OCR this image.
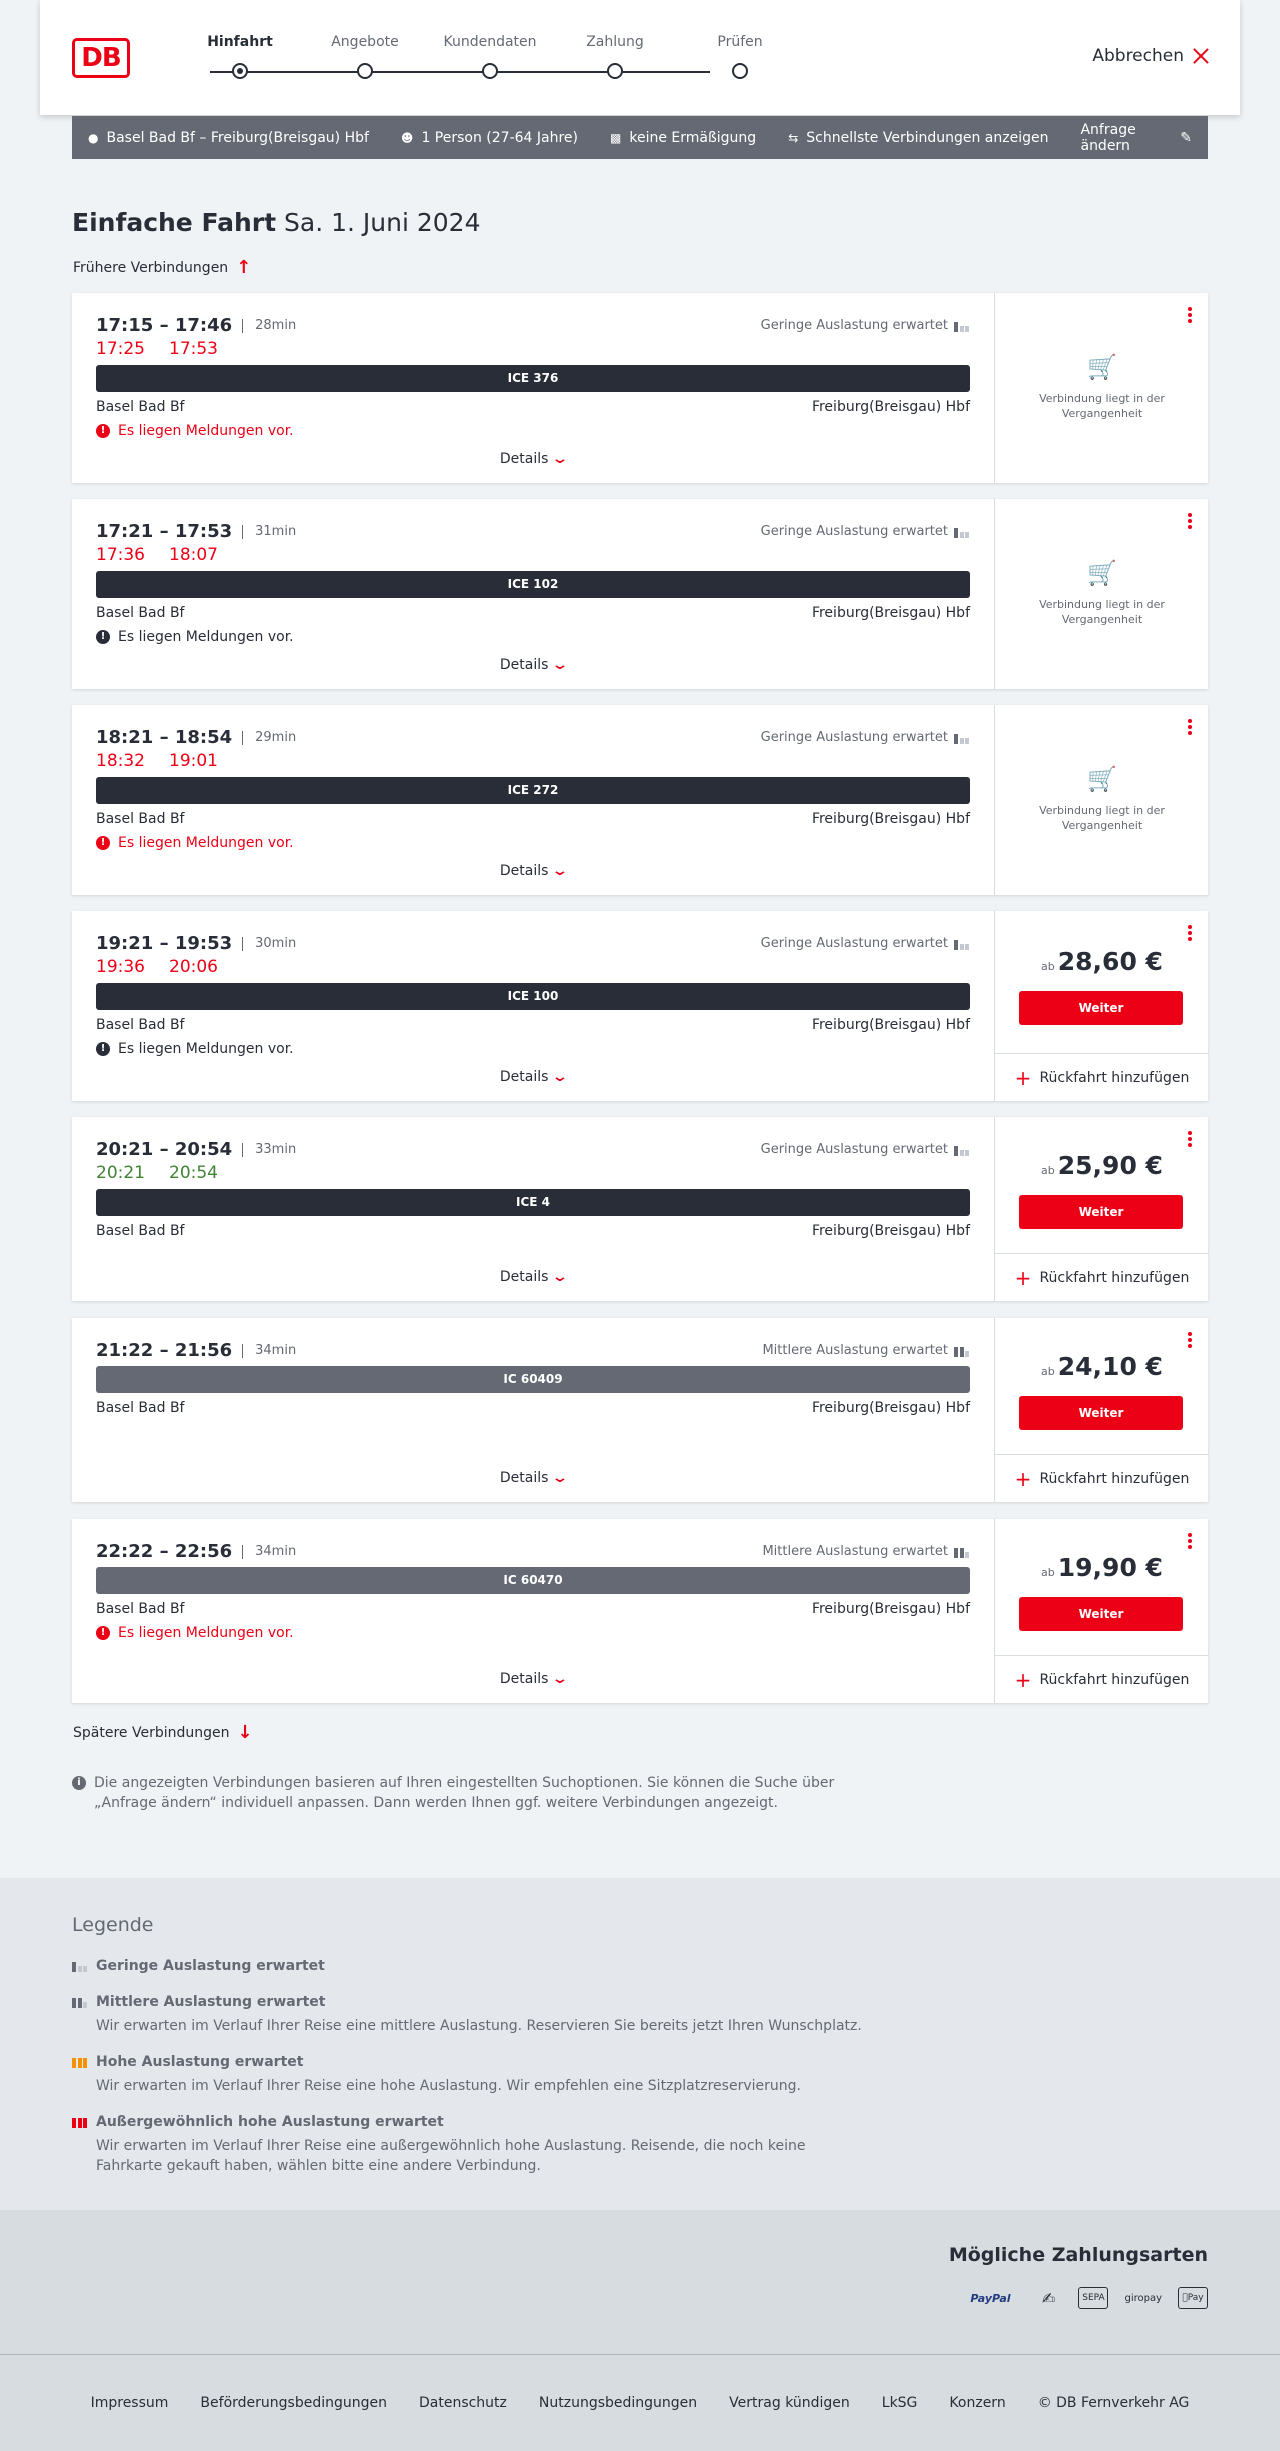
DB
Hinfahrt	Angebote	Kundendaten	Zahlung	Prüfen
Abbrechen
● Basel Bad Bf – Freiburg(Breisgau) Hbf	☻ 1 Person (27-64 Jahre)	▩ keine Ermäßigung	⇆ Schnellste Verbindungen anzeigen Anfrage ändern	✎
Einfache Fahrt Sa. 1. Juni 2024
Frühere Verbindungen ↑
17:15 – 17:46	28min
17:25 17:53
Geringe Auslastung erwartet
ICE 376
Basel Bad Bf	Freiburg(Breisgau) Hbf
!
Es liegen Meldungen vor.
Details ⌄
🛒
Verbindung liegt in der Vergangenheit
17:21 – 17:53	31min
17:36 18:07
Geringe Auslastung erwartet
ICE 102
Basel Bad Bf	Freiburg(Breisgau) Hbf
!
Es liegen Meldungen vor.
Details ⌄
🛒
Verbindung liegt in der Vergangenheit
18:21 – 18:54	29min
18:32 19:01
Geringe Auslastung erwartet
ICE 272
Basel Bad Bf	Freiburg(Breisgau) Hbf
!
Es liegen Meldungen vor.
Details ⌄
🛒
Verbindung liegt in der Vergangenheit
19:21 – 19:53	30min
19:36 20:06
Geringe Auslastung erwartet
ICE 100
Basel Bad Bf	Freiburg(Breisgau) Hbf
!
Es liegen Meldungen vor.
Details ⌄
ab 28,60 €
Weiter
+ Rückfahrt hinzufügen
20:21 – 20:54	33min
20:21 20:54
Geringe Auslastung erwartet
ICE 4
Basel Bad Bf	Freiburg(Breisgau) Hbf
Details ⌄
ab 25,90 €
Weiter
+ Rückfahrt hinzufügen
21:22 – 21:56	34min	Mittlere Auslastung erwartet
IC 60409
Basel Bad Bf	Freiburg(Breisgau) Hbf
Details ⌄
ab 24,10 €
Weiter
+ Rückfahrt hinzufügen
22:22 – 22:56	34min	Mittlere Auslastung erwartet
IC 60470
Basel Bad Bf	Freiburg(Breisgau) Hbf
!
Es liegen Meldungen vor.
Details ⌄
ab 19,90 €
Weiter
+ Rückfahrt hinzufügen
Spätere Verbindungen ↓
i Die angezeigten Verbindungen basieren auf Ihren eingestellten Suchoptionen. Sie können die Suche über „Anfrage ändern“ individuell anpassen. Dann werden Ihnen ggf. weitere Verbindungen angezeigt.
Legende
Geringe Auslastung erwartet
Mittlere Auslastung erwartet
Wir erwarten im Verlauf Ihrer Reise eine mittlere Auslastung. Reservieren Sie bereits jetzt Ihren Wunschplatz.
Hohe Auslastung erwartet
Wir erwarten im Verlauf Ihrer Reise eine hohe Auslastung. Wir empfehlen eine Sitzplatzreservierung.
Außergewöhnlich hohe Auslastung erwartet
Wir erwarten im Verlauf Ihrer Reise eine außergewöhnlich hohe Auslastung. Reisende, die noch keine Fahrkarte gekauft haben, wählen bitte eine andere Verbindung.
Mögliche Zahlungsarten
PayPal	✍	SEPA	giropay	Pay
Impressum Beförderungsbedingungen Datenschutz Nutzungsbedingungen Vertrag kündigen LkSG Konzern © DB Fernverkehr AG
